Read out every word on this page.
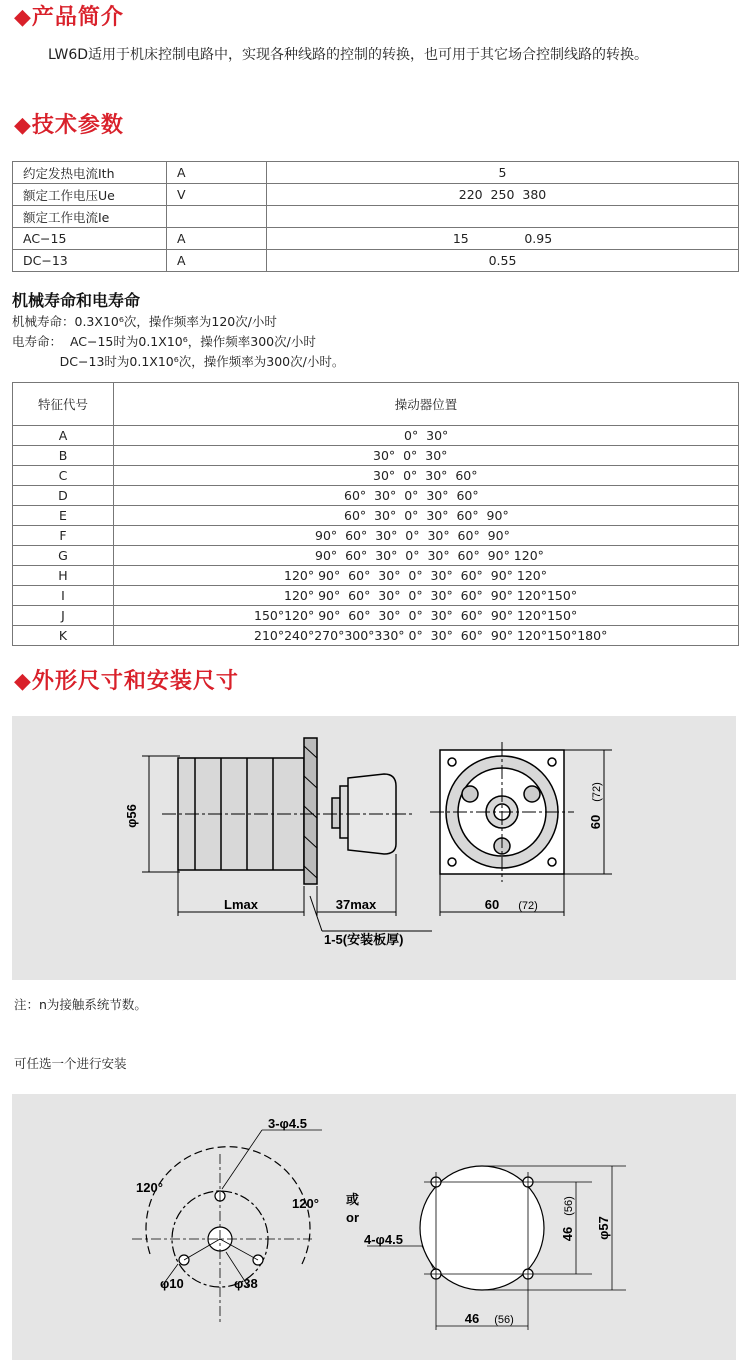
◆产品简介
LW6D适用于机床控制电路中，实现各种线路的控制的转换，也可用于其它场合控制线路的转换。
◆技术参数
约定发热电流Ith	A	5
额定工作电压Ue	V	220  250  380
额定工作电流Ie		
AC−15	A	15              0.95
DC−13	A	0.55
机械寿命和电寿命
机械寿命：0.3X10⁶次，操作频率为120次/小时
电寿命：  AC−15时为0.1X10⁶，操作频率300次/小时
DC−13时为0.1X10⁶次，操作频率为300次/小时。
特征代号	操动器位置
A	0°  30°
B	30°  0°  30°
C	30°  0°  30°  60°
D	60°  30°  0°  30°  60°
E	60°  30°  0°  30°  60°  90°
F	90°  60°  30°  0°  30°  60°  90°
G	90°  60°  30°  0°  30°  60°  90° 120°
H	120° 90°  60°  30°  0°  30°  60°  90° 120°
I	120° 90°  60°  30°  0°  30°  60°  90° 120°150°
J	150°120° 90°  60°  30°  0°  30°  60°  90° 120°150°
K	210°240°270°300°330° 0°  30°  60°  90° 120°150°180°
◆外形尺寸和安装尺寸
φ56
Lmax	37max
1-5(安装板厚)
60 (72)
60
(72)
注：n为接触系统节数。
可任选一个进行安装
3-φ4.5
120°
120°
φ10	φ38
或
or
4-φ4.5	46
(56)
φ57
46 (56)
